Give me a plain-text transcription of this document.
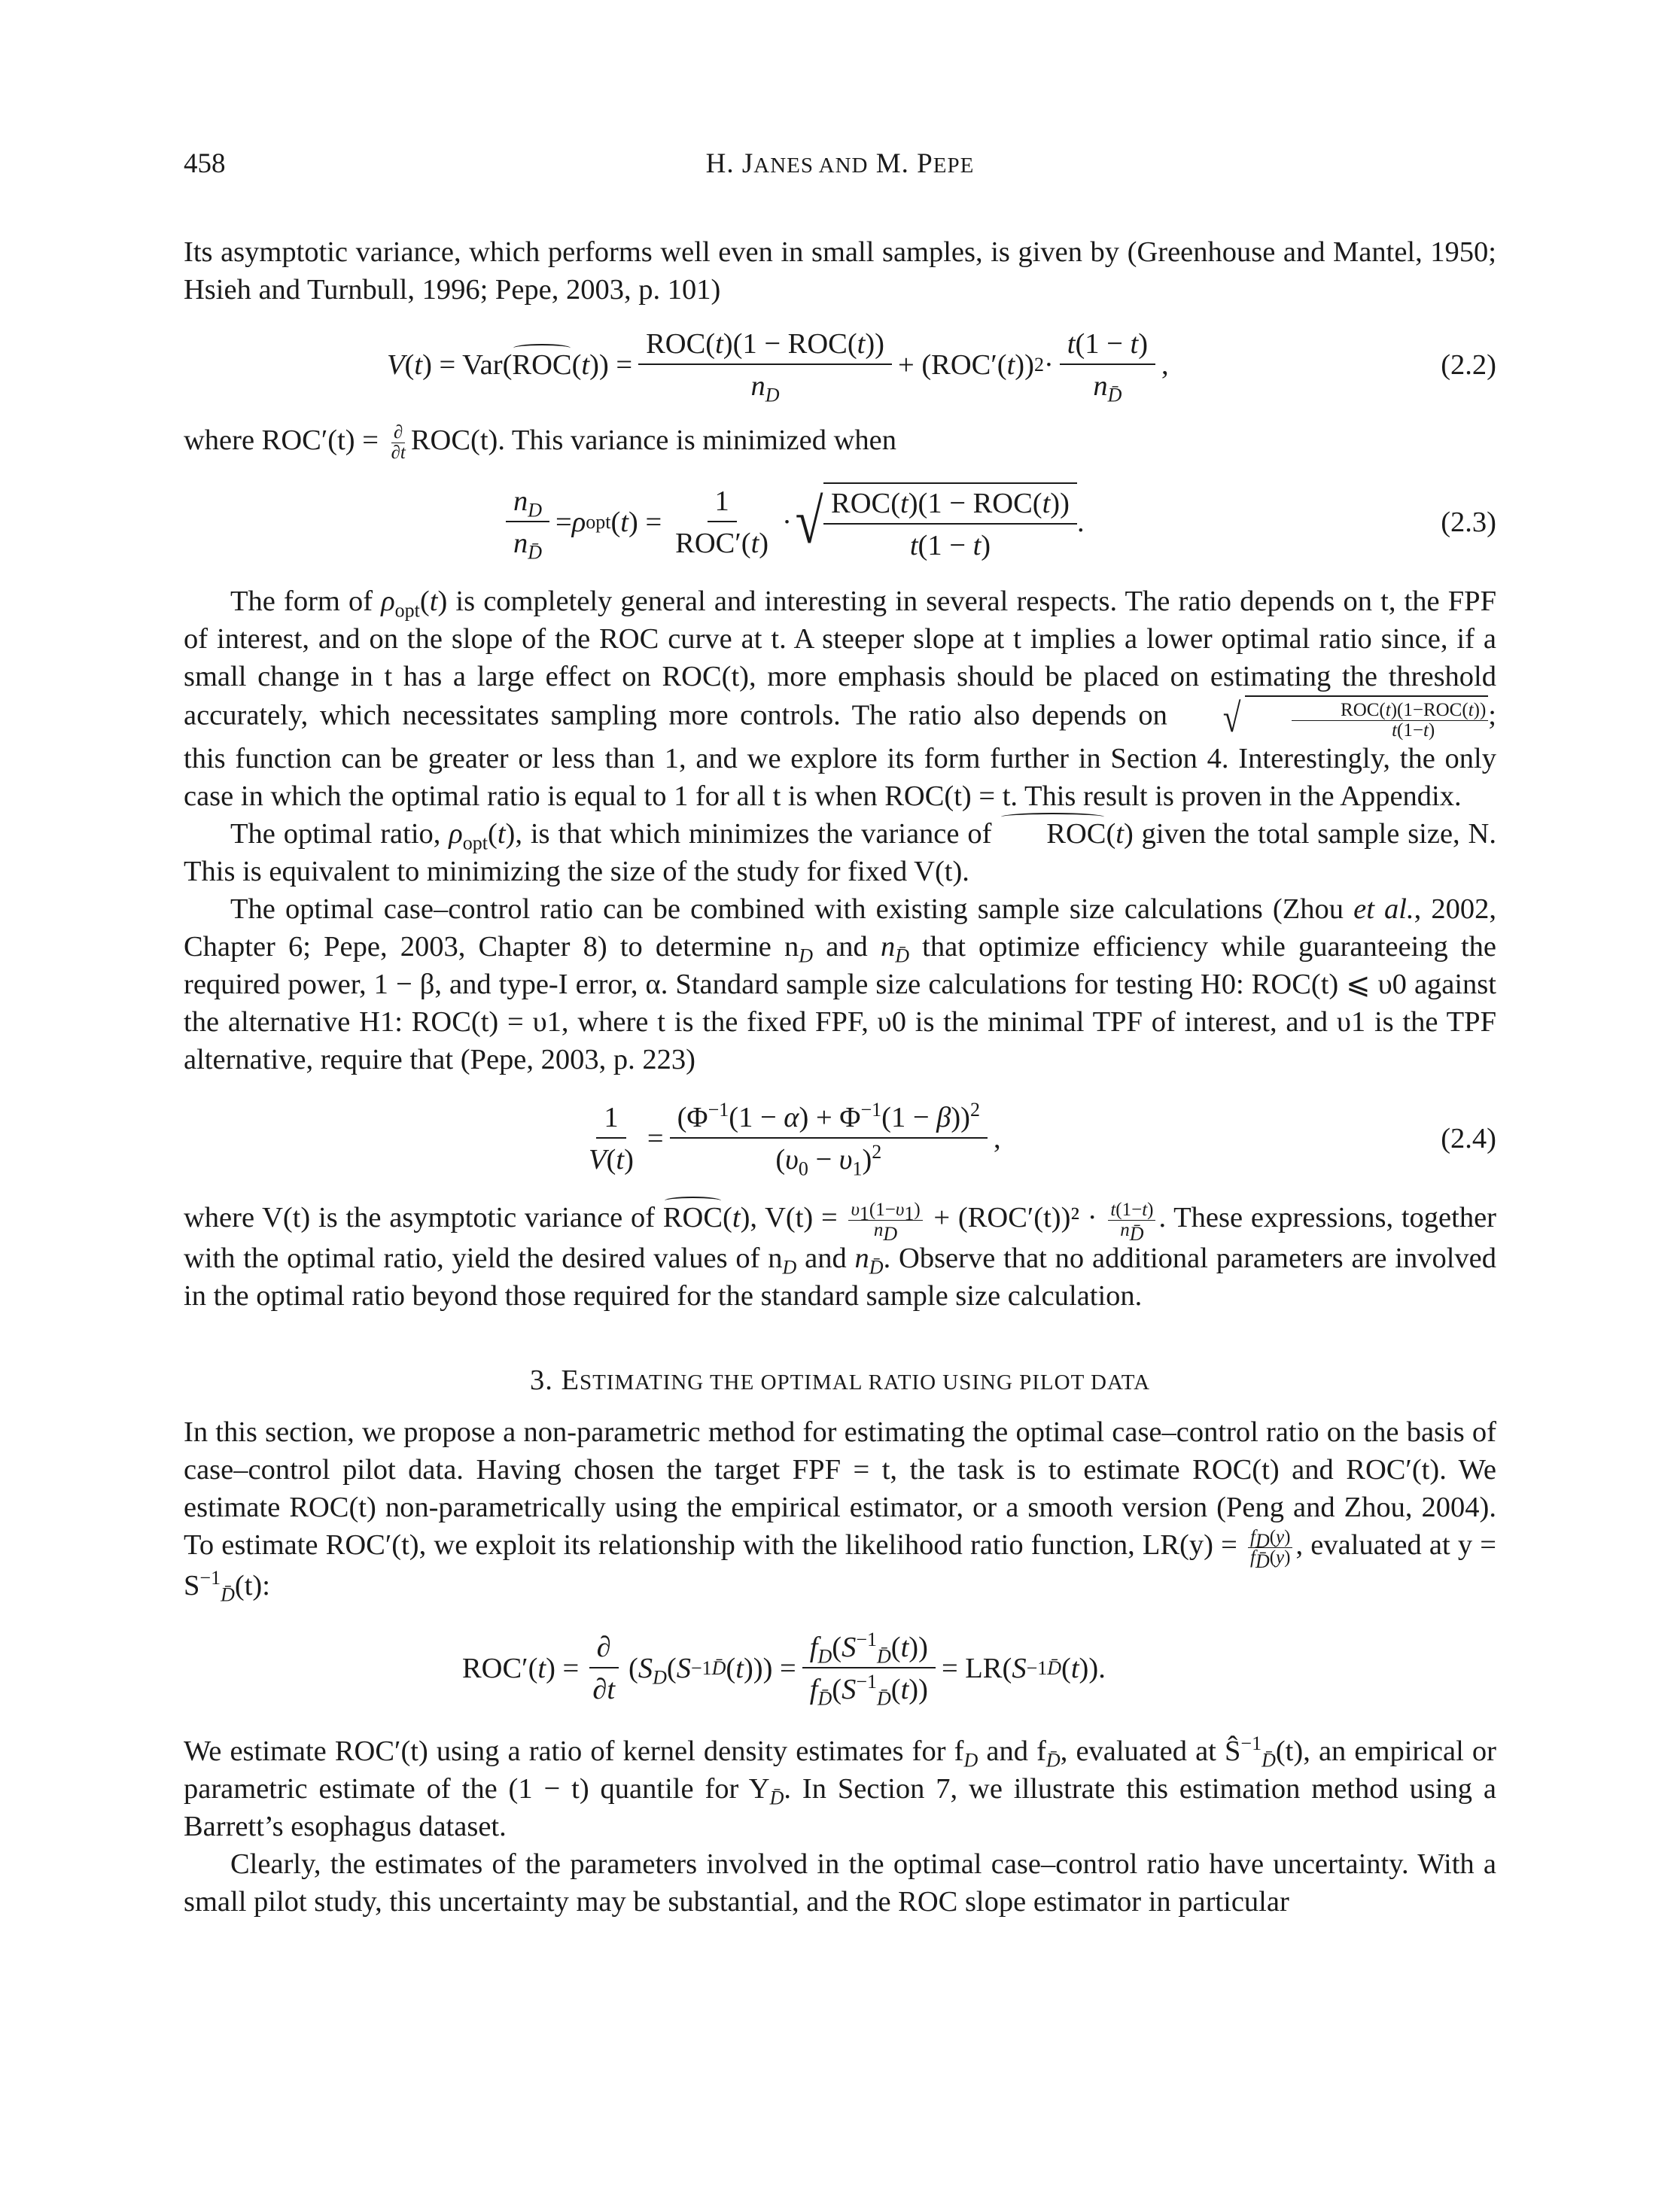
458	H. JANES AND M. PEPE

Its asymptotic variance, which performs well even in small samples, is given by (Greenhouse and Mantel, 1950; Hsieh and Turnbull, 1996; Pepe, 2003, p. 101)

V ( t ) = Var( ROC ( t )) = $\frac{\text{ROC(t)(1 − ROC(t))}}{n_D} + (ROC'$( t )) $2 \cdot \frac{t(1 - t)}{n_{D̄}}$ ,	(2.2)

where ROC′(t) = ∂
∂t ROC(t). This variance is minimized when

$\frac{n_D}{n_{D̄}} = \rho$ opt ( t ) = $\frac{1}{\text{ROC′(t)}}$ · √ $\frac{\text{ROC(t)(1 − ROC(t))}}{t(1 - t)}$ .	(2.3)

The form of $\rho_{opt}(t)$ is completely general and interesting in several respects. The ratio depends on t, the FPF of interest, and on the slope of the ROC curve at t. A steeper slope at t implies a lower optimal ratio since, if a small change in t has a large effect on ROC(t), more emphasis should be placed on estimating the threshold accurately, which necessitates sampling more controls. The ratio also depends on	√	ROC(t)(1−ROC(t))
t(1−t) ; this function can be greater or less than 1, and we explore its form further in Section 4. Interestingly, the only case in which the optimal ratio is equal to 1 for all t is when ROC(t) = t. This result is proven in the Appendix.

The optimal ratio, $\rho_{opt}(t)$, is that which minimizes the variance of ROC(t) given the total sample size, N. This is equivalent to minimizing the size of the study for fixed V(t).

The optimal case–control ratio can be combined with existing sample size calculations (Zhou et al., 2002, Chapter 6; Pepe, 2003, Chapter 8) to determine $n_D$ and $n_{D̄}$ that optimize efficiency while guaranteeing the required power, 1 − β, and type-I error, α. Standard sample size calculations for testing H0: ROC(t) ⩽ υ0 against the alternative H1: ROC(t) = υ1, where t is the fixed FPF, υ0 is the minimal TPF of interest, and υ1 is the TPF alternative, require that (Pepe, 2003, p. 223)

$\frac{1}{V(t)} = \frac{(\Phi^{-1}(1 - \alpha) + \Phi^{-1}(1 - \beta))^2}{(\upsilon_0 - \upsilon_1)^2}$ ,	(2.4)

where V(t) is the asymptotic variance of ROC(t), $V(t) = \frac{\upsilon_1(1-\upsilon_1)}{n_D} + (ROC'(t))^2 \cdot \frac{t(1-t)}{n_{D̄}}$ . These expressions, together with the optimal ratio, yield the desired values of $n_D$ and $n_{D̄}$. Observe that no additional parameters are involved in the optimal ratio beyond those required for the standard sample size calculation.

3. ESTIMATING THE OPTIMAL RATIO USING PILOT DATA

In this section, we propose a non-parametric method for estimating the optimal case–control ratio on the basis of case–control pilot data. Having chosen the target FPF = t, the task is to estimate ROC(t) and ROC′(t). We estimate ROC(t) non-parametrically using the empirical estimator, or a smooth version (Peng and Zhou, 2004). To estimate ROC′(t), we exploit its relationship with the likelihood ratio function, $LR(y) = \frac{f_D(y)}{f_{D̄}(y)}$ , evaluated at $y = S^{-1}_{D̄}(t)$:

ROC′( t ) = $\frac{\partial}{\partial t}$ ( $S_D$ ( S −1 D̄ ( t ))) = $\frac{f_D(S^{-1}_{D̄}(t))}{f_{D̄}(S^{-1}_{D̄}(t))} = LR$( S −1 D̄ ( t )).

We estimate ROC′(t) using a ratio of kernel density estimates for $f_D$ and $f_{D̄}$, evaluated at $Ŝ^{-1}_{D̄}(t)$, an empirical or parametric estimate of the (1 − t) quantile for $Y_{D̄}$. In Section 7, we illustrate this estimation method using a Barrett’s esophagus dataset.

Clearly, the estimates of the parameters involved in the optimal case–control ratio have uncertainty. With a small pilot study, this uncertainty may be substantial, and the ROC slope estimator in particular
